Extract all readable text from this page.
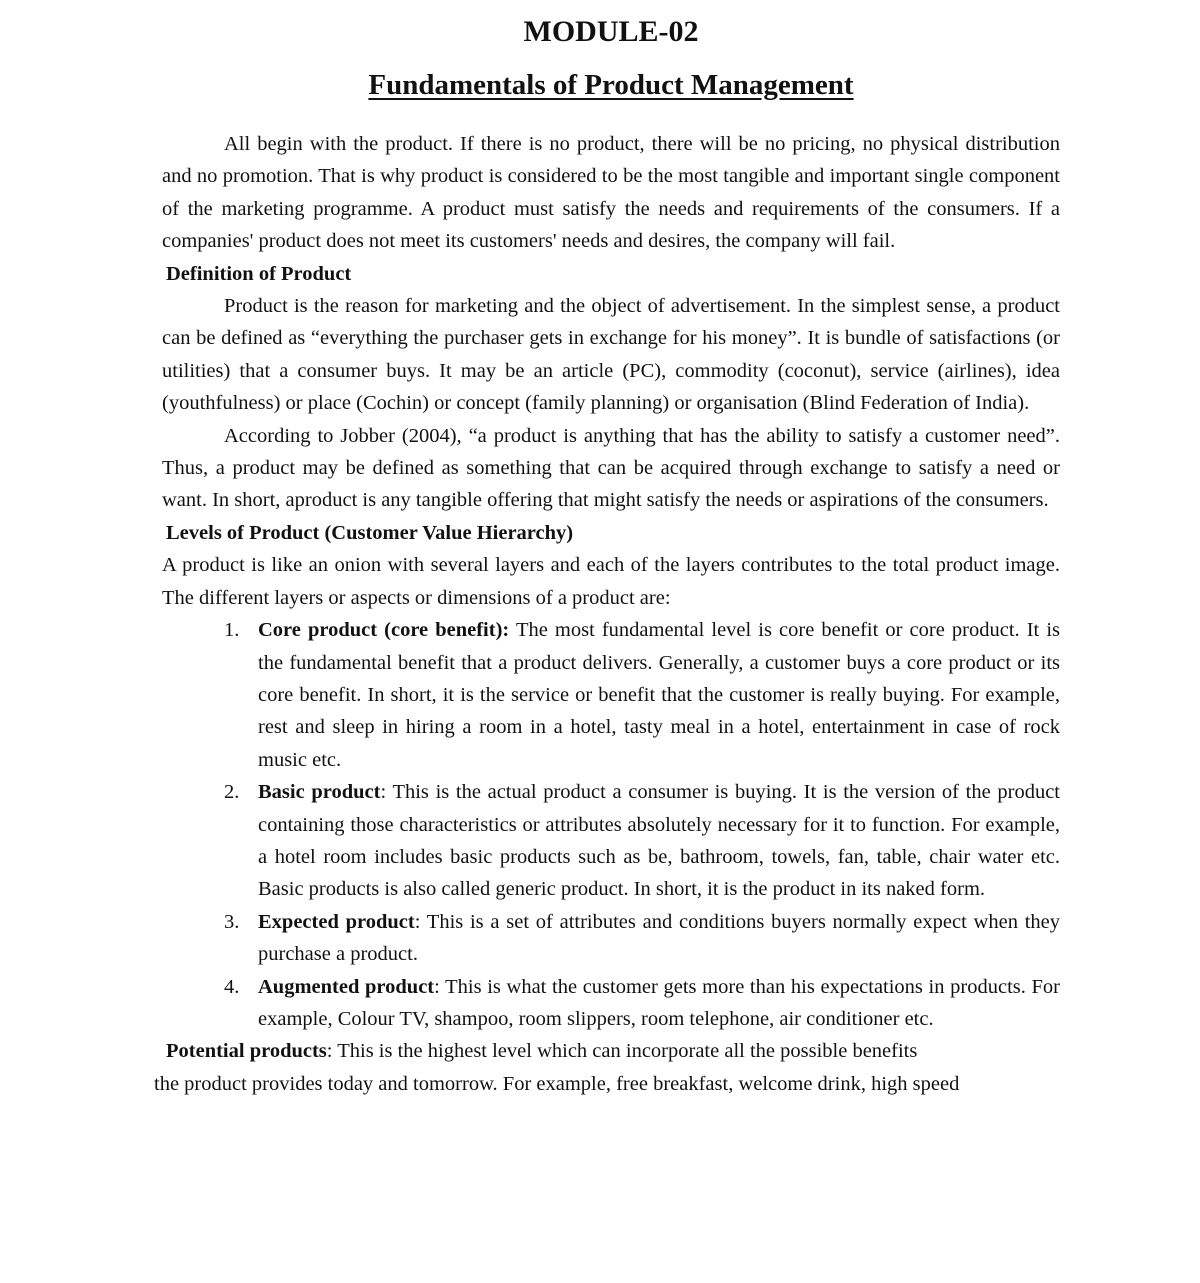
MODULE-02
Fundamentals of Product Management

All begin with the product. If there is no product, there will be no pricing, no physical distribution and no promotion. That is why product is considered to be the most tangible and important single component of the marketing programme. A product must satisfy the needs and requirements of the consumers. If a companies' product does not meet its customers' needs and desires, the company will fail.

Definition of Product

Product is the reason for marketing and the object of advertisement. In the simplest sense, a product can be defined as “everything the purchaser gets in exchange for his money”. It is bundle of satisfactions (or utilities) that a consumer buys. It may be an article (PC), commodity (coconut), service (airlines), idea (youthfulness) or place (Cochin) or concept (family planning) or organisation (Blind Federation of India).

According to Jobber (2004), “a product is anything that has the ability to satisfy a customer need”. Thus, a product may be defined as something that can be acquired through exchange to satisfy a need or want. In short, aproduct is any tangible offering that might satisfy the needs or aspirations of the consumers.

Levels of Product (Customer Value Hierarchy)

A product is like an onion with several layers and each of the layers contributes to the total product image. The different layers or aspects or dimensions of a product are:

1. Core product (core benefit): The most fundamental level is core benefit or core product. It is the fundamental benefit that a product delivers. Generally, a customer buys a core product or its core benefit. In short, it is the service or benefit that the customer is really buying. For example, rest and sleep in hiring a room in a hotel, tasty meal in a hotel, entertainment in case of rock music etc.
2. Basic product: This is the actual product a consumer is buying. It is the version of the product containing those characteristics or attributes absolutely necessary for it to function. For example, a hotel room includes basic products such as be, bathroom, towels, fan, table, chair water etc. Basic products is also called generic product. In short, it is the product in its naked form.
3. Expected product: This is a set of attributes and conditions buyers normally expect when they purchase a product.
4. Augmented product: This is what the customer gets more than his expectations in products. For example, Colour TV, shampoo, room slippers, room telephone, air conditioner etc.
Potential products: This is the highest level which can incorporate all the possible benefits
the product provides today and tomorrow. For example, free breakfast, welcome drink, high speed
